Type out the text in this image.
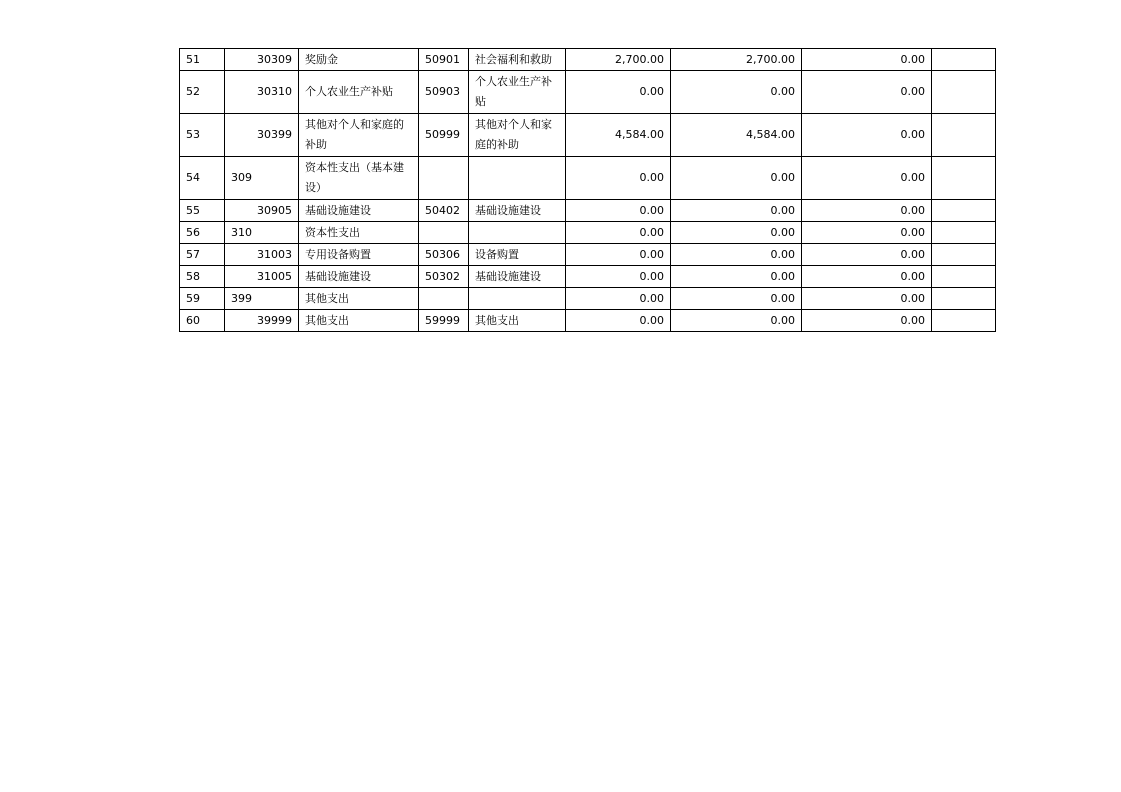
51	30309	奖励金	50901	社会福利和救助	2,700.00	2,700.00	0.00	
52	30310	个人农业生产补贴	50903	个人农业生产补贴	0.00	0.00	0.00	
53	30399	其他对个人和家庭的补助	50999	其他对个人和家庭的补助	4,584.00	4,584.00	0.00	
54	309	资本性支出（基本建设）			0.00	0.00	0.00	
55	30905	基础设施建设	50402	基础设施建设	0.00	0.00	0.00	
56	310	资本性支出			0.00	0.00	0.00	
57	31003	专用设备购置	50306	设备购置	0.00	0.00	0.00	
58	31005	基础设施建设	50302	基础设施建设	0.00	0.00	0.00	
59	399	其他支出			0.00	0.00	0.00	
60	39999	其他支出	59999	其他支出	0.00	0.00	0.00	
